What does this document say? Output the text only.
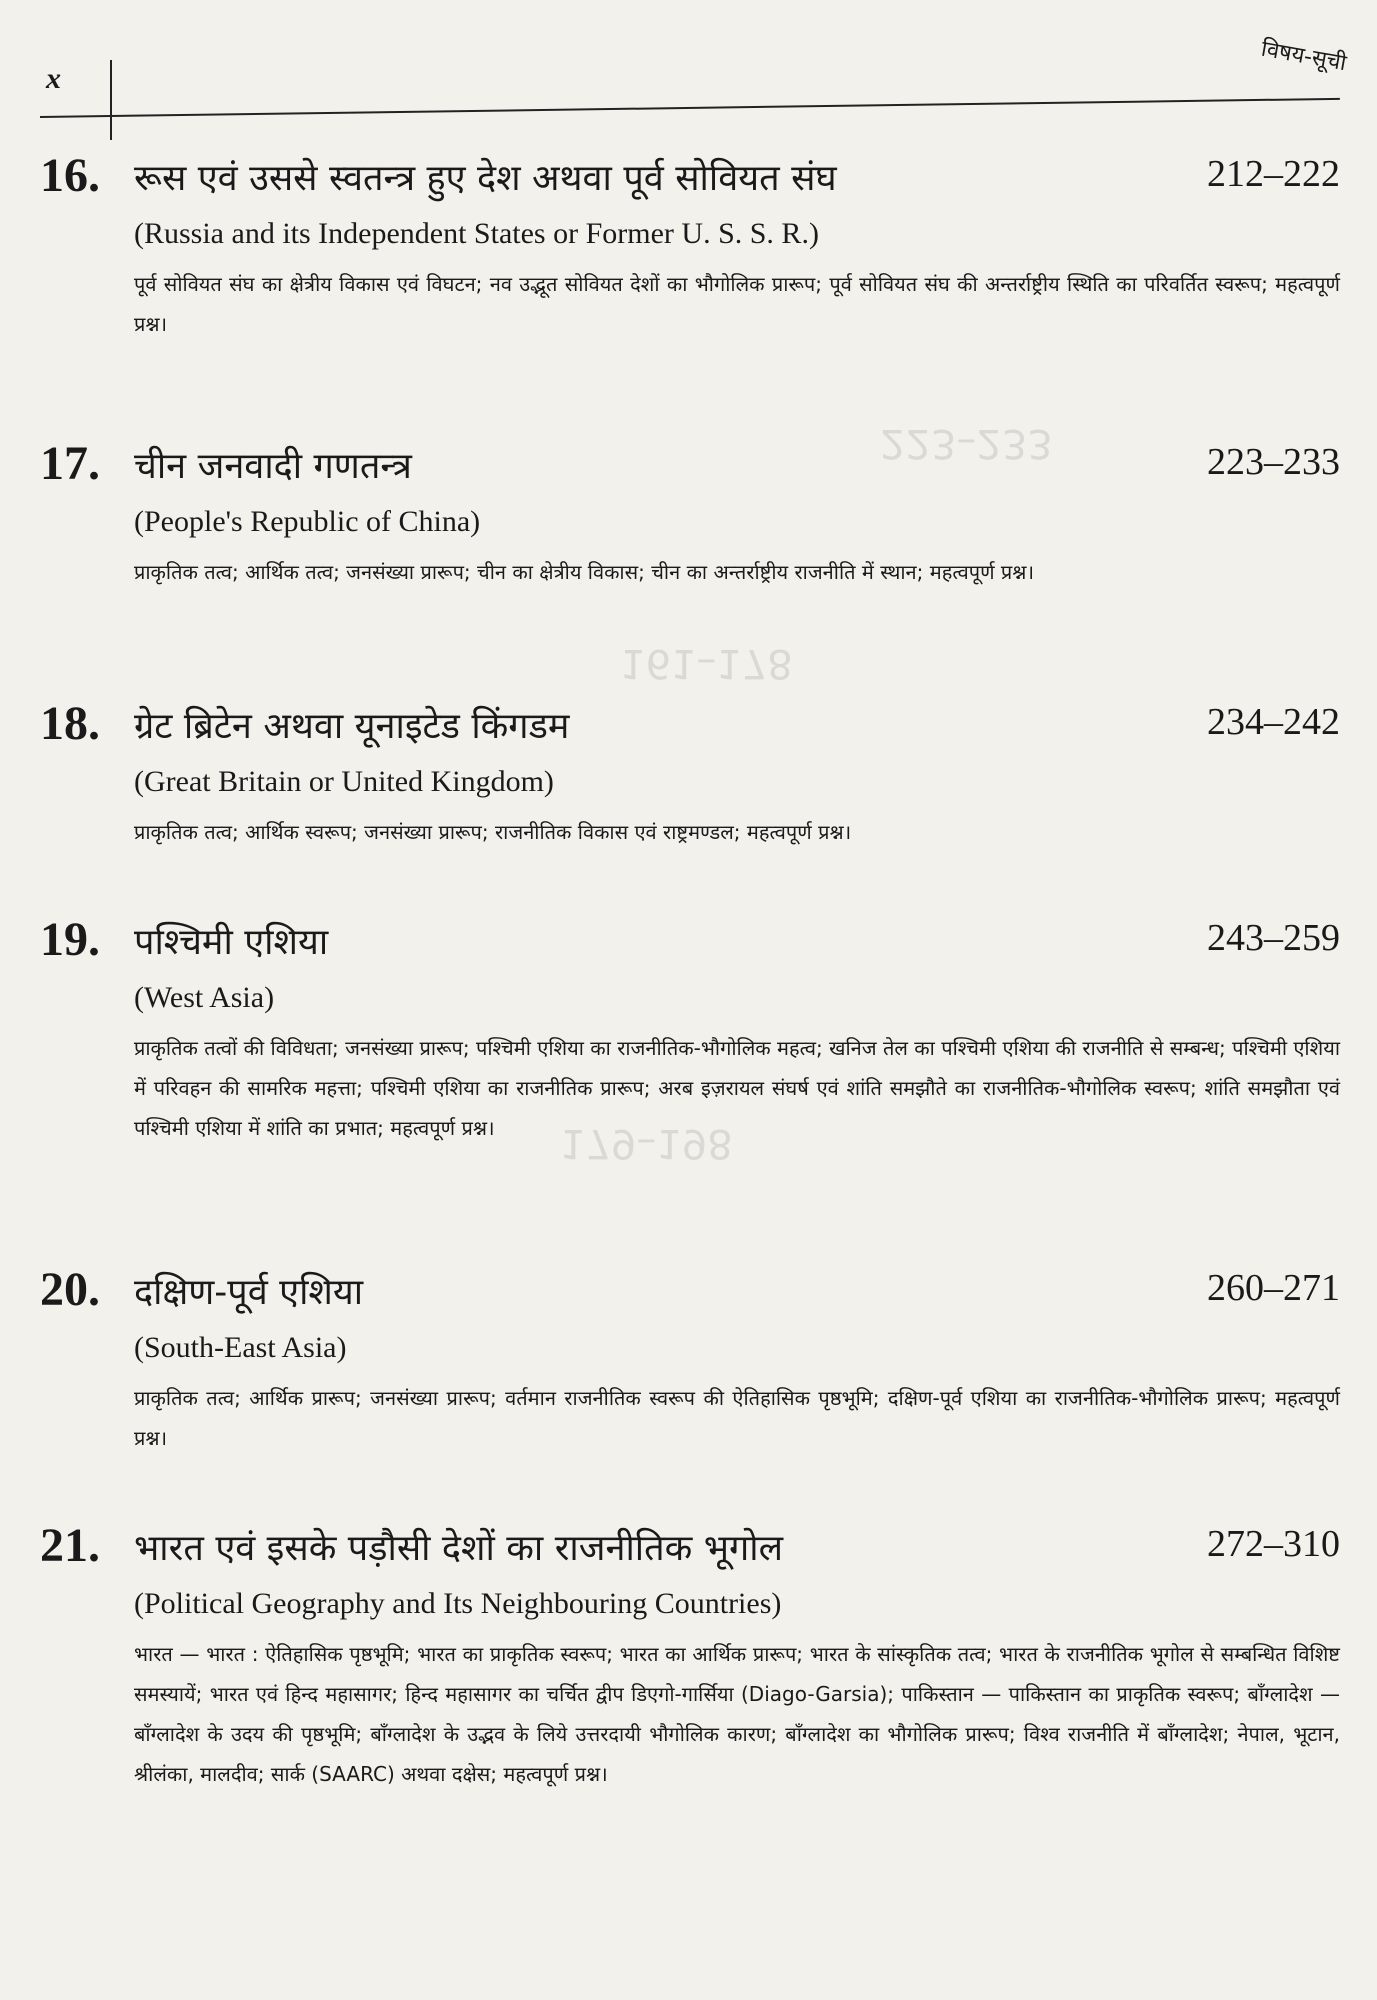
223–233
161–178
179–198
x
विषय-सूची
16. रूस एवं उससे स्वतन्त्र हुए देश अथवा पूर्व सोवियत संघ	212–222
(Russia and its Independent States or Former U. S. S. R.)
पूर्व सोवियत संघ का क्षेत्रीय विकास एवं विघटन; नव उद्भूत सोवियत देशों का भौगोलिक प्रारूप; पूर्व सोवियत संघ की अन्तर्राष्ट्रीय स्थिति का परिवर्तित स्वरूप; महत्वपूर्ण प्रश्न।
17. चीन जनवादी गणतन्त्र	223–233
(People's Republic of China)
प्राकृतिक तत्व; आर्थिक तत्व; जनसंख्या प्रारूप; चीन का क्षेत्रीय विकास; चीन का अन्तर्राष्ट्रीय राजनीति में स्थान; महत्वपूर्ण प्रश्न।
18. ग्रेट ब्रिटेन अथवा यूनाइटेड किंगडम	234–242
(Great Britain or United Kingdom)
प्राकृतिक तत्व; आर्थिक स्वरूप; जनसंख्या प्रारूप; राजनीतिक विकास एवं राष्ट्रमण्डल; महत्वपूर्ण प्रश्न।
19. पश्चिमी एशिया	243–259
(West Asia)
प्राकृतिक तत्वों की विविधता; जनसंख्या प्रारूप; पश्चिमी एशिया का राजनीतिक-भौगोलिक महत्व; खनिज तेल का पश्चिमी एशिया की राजनीति से सम्बन्ध; पश्चिमी एशिया में परिवहन की सामरिक महत्ता; पश्चिमी एशिया का राजनीतिक प्रारूप; अरब इज़रायल संघर्ष एवं शांति समझौते का राजनीतिक-भौगोलिक स्वरूप; शांति समझौता एवं पश्चिमी एशिया में शांति का प्रभात; महत्वपूर्ण प्रश्न।
20. दक्षिण-पूर्व एशिया	260–271
(South-East Asia)
प्राकृतिक तत्व; आर्थिक प्रारूप; जनसंख्या प्रारूप; वर्तमान राजनीतिक स्वरूप की ऐतिहासिक पृष्ठभूमि; दक्षिण-पूर्व एशिया का राजनीतिक-भौगोलिक प्रारूप; महत्वपूर्ण प्रश्न।
21. भारत एवं इसके पड़ौसी देशों का राजनीतिक भूगोल	272–310
(Political Geography and Its Neighbouring Countries)
भारत — भारत : ऐतिहासिक पृष्ठभूमि; भारत का प्राकृतिक स्वरूप; भारत का आर्थिक प्रारूप; भारत के सांस्कृतिक तत्व; भारत के राजनीतिक भूगोल से सम्बन्धित विशिष्ट समस्यायें; भारत एवं हिन्द महासागर; हिन्द महासागर का चर्चित द्वीप डिएगो-गार्सिया (Diago-Garsia); पाकिस्तान — पाकिस्तान का प्राकृतिक स्वरूप; बाँग्लादेश — बाँग्लादेश के उदय की पृष्ठभूमि; बाँग्लादेश के उद्भव के लिये उत्तरदायी भौगोलिक कारण; बाँग्लादेश का भौगोलिक प्रारूप; विश्व राजनीति में बाँग्लादेश; नेपाल, भूटान, श्रीलंका, मालदीव; सार्क (SAARC) अथवा दक्षेस; महत्वपूर्ण प्रश्न।
